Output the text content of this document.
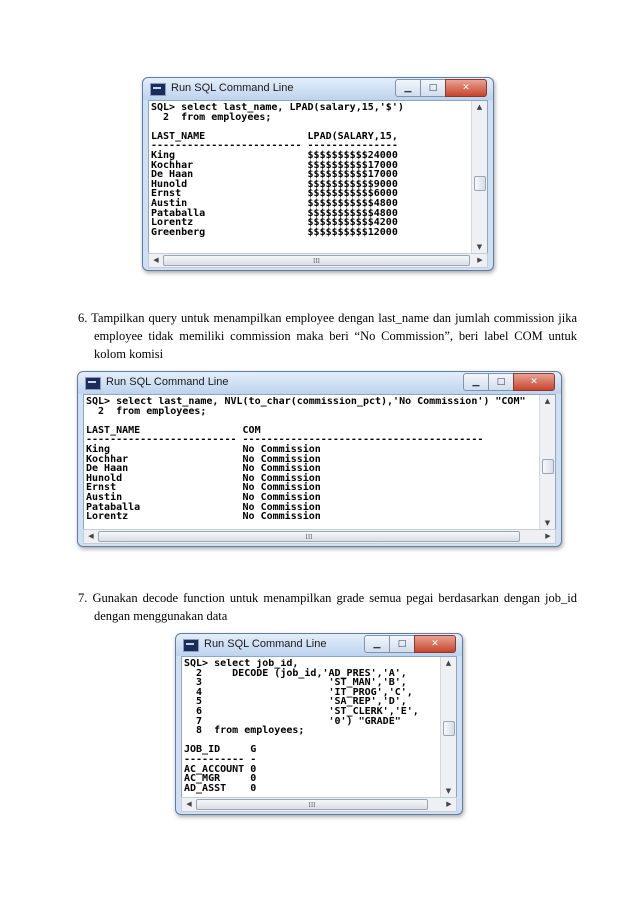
Run SQL Command Line	▁	□	✕
SQL> select last_name, LPAD(salary,15,'$')
2  from employees;

LAST_NAME                 LPAD(SALARY,15,
------------------------- ---------------
King                      $$$$$$$$$$24000
Kochhar                   $$$$$$$$$$17000
De Haan                   $$$$$$$$$$17000
Hunold                    $$$$$$$$$$$9000
Ernst                     $$$$$$$$$$$6000
Austin                    $$$$$$$$$$$4800
Pataballa                 $$$$$$$$$$$4800
Lorentz                   $$$$$$$$$$$4200
Greenberg                 $$$$$$$$$$12000
▲
▼
◀	III	▶
6. Tampilkan query untuk menampilkan employee dengan last_name dan jumlah commission jika employee tidak memiliki commission maka beri “No Commission”, beri label COM untuk kolom komisi
Run SQL Command Line	▁	□	✕
SQL> select last_name, NVL(to_char(commission_pct),'No Commission') "COM"
2  from employees;

LAST_NAME                 COM
------------------------- ----------------------------------------
King                      No Commission
Kochhar                   No Commission
De Haan                   No Commission
Hunold                    No Commission
Ernst                     No Commission
Austin                    No Commission
Pataballa                 No Commission
Lorentz                   No Commission
▲
▼
◀	III	▶
7. Gunakan decode function untuk menampilkan grade semua pegai berdasarkan dengan job_id dengan menggunakan data
Run SQL Command Line	▁	□	✕
SQL> select job_id,
2     DECODE (job_id,'AD_PRES','A',
3                     'ST_MAN','B',
4                     'IT_PROG','C',
5                     'SA_REP','D',
6                     'ST_CLERK','E',
7                     '0') "GRADE"
8  from employees;

JOB_ID     G
---------- -
AC_ACCOUNT 0
AC_MGR     0
AD_ASST    0
▲
▼
◀	III	▶
